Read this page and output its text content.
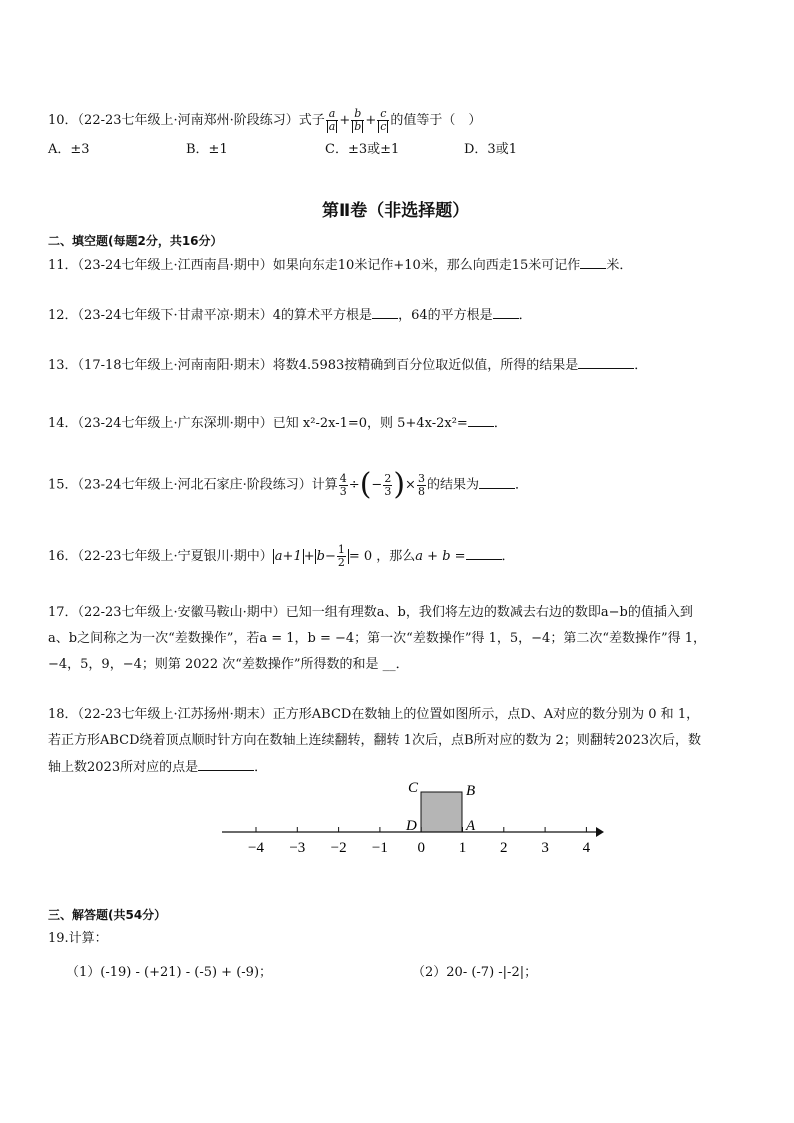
10．（22-23七年级上·河南郑州·阶段练习）式子 $\frac{a}{a} + \frac{b}{b} + \frac{c}{c}$ 的值等于（　）
A．±3	B．±1	C．±3或±1	D．3或1
第Ⅱ卷（非选择题）
二、填空题(每题2分，共16分）
11．（23-24七年级上·江西南昌·期中）如果向东走10米记作+10米，那么向西走15米可记作 米．
12．（23-24七年级下·甘肃平凉·期末）4的算术平方根是 ，64的平方根是 ．
13．（17-18七年级上·河南南阳·期末）将数4.5983按精确到百分位取近似值，所得的结果是	．
14．（23-24七年级上·广东深圳·期中）已知 x²-2x-1=0，则 5+4x-2x²= ．
15．（23-24七年级上·河北石家庄·阶段练习）计算 $\frac{4}{3}$ ÷(− $\frac{2}{3}$ )× $\frac{3}{8}$ 的结果为	．
16．（22-23七年级上·宁夏银川·期中） $a+1 + b- \frac{1}{2} = 0$ ，那么a + b =	．
17．（22-23七年级上·安徽马鞍山·期中）已知一组有理数a、b，我们将左边的数减去右边的数即a−b的值插入到
a、b之间称之为一次“差数操作”，若a = 1，b = −4；第一次“差数操作”得 1，5，−4；第二次“差数操作”得 1，
−4，5，9，−4；则第 2022 次“差数操作”所得数的和是 __．
18．（22-23七年级上·江苏扬州·期末）正方形ABCD在数轴上的位置如图所示，点D、A对应的数分别为 0 和 1，
若正方形ABCD绕着顶点顺时针方向在数轴上连续翻转，翻转 1次后，点B所对应的数为 2；则翻转2023次后，数
轴上数2023所对应的点是	．
−4 −3 −2 −1 0 1 2 3 4
C	B
D	A
三、解答题(共54分）
19.计算：
（1）(-19) - (+21) - (-5) + (-9)；	（2）20- (-7) -|-2|；
